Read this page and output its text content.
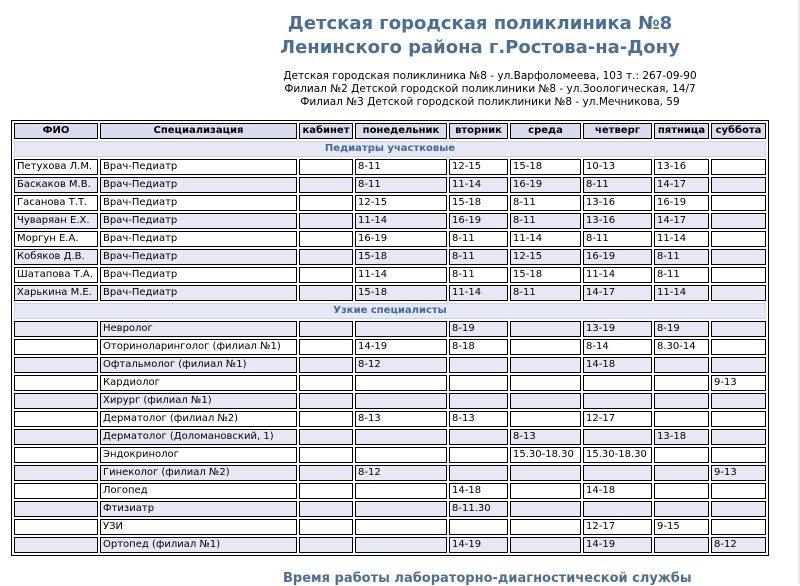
Детская городская поликлиника №8
Ленинского района г.Ростова-на-Дону
Детская городская поликлиника №8 - ул.Варфоломеева, 103 т.: 267-09-90
Филиал №2 Детской городской поликлиники №8 - ул.Зоологическая, 14/7
Филиал №3 Детской городской поликлиники №8 - ул.Мечникова, 59
ФИО	Специализация	кабинет	понедельник	вторник	среда	четверг	пятница	суббота
Педиатры участковые								
Петухова Л.М.	Врач-Педиатр		8-11	12-15	15-18	10-13	13-16	
Баскаков М.В.	Врач-Педиатр		8-11	11-14	16-19	8-11	14-17	
Гасанова Т.Т.	Врач-Педиатр		12-15	15-18	8-11	13-16	16-19	
Чуваряан Е.Х.	Врач-Педиатр		11-14	16-19	8-11	13-16	14-17	
Моргун Е.А.	Врач-Педиатр		16-19	8-11	11-14	8-11	11-14	
Кобяков Д.В.	Врач-Педиатр		15-18	8-11	12-15	16-19	8-11	
Шатапова Т.А.	Врач-Педиатр		11-14	8-11	15-18	11-14	8-11	
Харькина М.Е.	Врач-Педиатр		15-18	11-14	8-11	14-17	11-14	
Узкие специалисты								
	Невролог			8-19		13-19	8-19	
	Оториноларинголог (филиал №1)		14-19	8-18		8-14	8.30-14	
	Офтальмолог (филиал №1)		8-12			14-18		
	Кардиолог							9-13
	Хирург (филиал №1)							
	Дерматолог (филиал №2)		8-13	8-13		12-17		
	Дерматолог (Доломановский, 1)				8-13		13-18	
	Эндокринолог				15.30-18.30	15.30-18.30		
	Гинеколог (филиал №2)		8-12					9-13
	Логопед			14-18		14-18		
	Фтизиатр			8-11.30				
	УЗИ					12-17	9-15	
	Ортопед (филиал №1)			14-19		14-19		8-12
Время работы лабораторно-диагностической службы
